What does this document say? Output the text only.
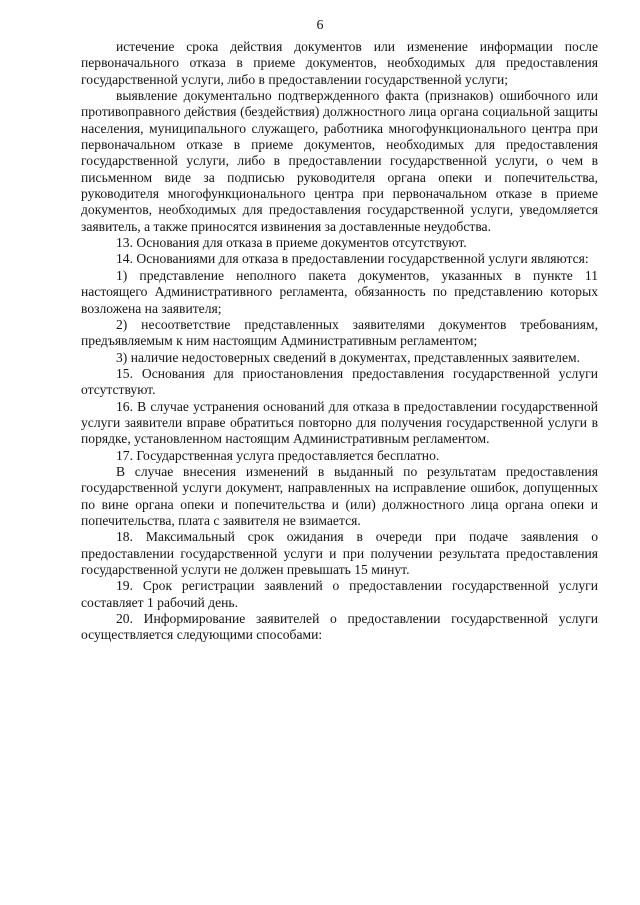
6

истечение срока действия документов или изменение информации после первоначального отказа в приеме документов, необходимых для предоставления государственной услуги, либо в предоставлении государственной услуги;

выявление документально подтвержденного факта (признаков) ошибочного или противоправного действия (бездействия) должностного лица органа социальной защиты населения, муниципального служащего, работника многофункционального центра при первоначальном отказе в приеме документов, необходимых для предоставления государственной услуги, либо в предоставлении государственной услуги, о чем в письменном виде за подписью руководителя органа опеки и попечительства, руководителя многофункционального центра при первоначальном отказе в приеме документов, необходимых для предоставления государственной услуги, уведомляется заявитель, а также приносятся извинения за доставленные неудобства.

13. Основания для отказа в приеме документов отсутствуют.

14. Основаниями для отказа в предоставлении государственной услуги являются:

1) представление неполного пакета документов, указанных в пункте 11 настоящего Административного регламента, обязанность по представлению которых возложена на заявителя;

2) несоответствие представленных заявителями документов требованиям, предъявляемым к ним настоящим Административным регламентом;

3) наличие недостоверных сведений в документах, представленных заявителем.

15. Основания для приостановления предоставления государственной услуги отсутствуют.

16. В случае устранения оснований для отказа в предоставлении государственной услуги заявители вправе обратиться повторно для получения государственной услуги в порядке, установленном настоящим Административным регламентом.

17. Государственная услуга предоставляется бесплатно.

В случае внесения изменений в выданный по результатам предоставления государственной услуги документ, направленных на исправление ошибок, допущенных по вине органа опеки и попечительства и (или) должностного лица органа опеки и попечительства, плата с заявителя не взимается.

18. Максимальный срок ожидания в очереди при подаче заявления о предоставлении государственной услуги и при получении результата предоставления государственной услуги не должен превышать 15 минут.

19. Срок регистрации заявлений о предоставлении государственной услуги составляет 1 рабочий день.

20. Информирование заявителей о предоставлении государственной услуги осуществляется следующими способами:
